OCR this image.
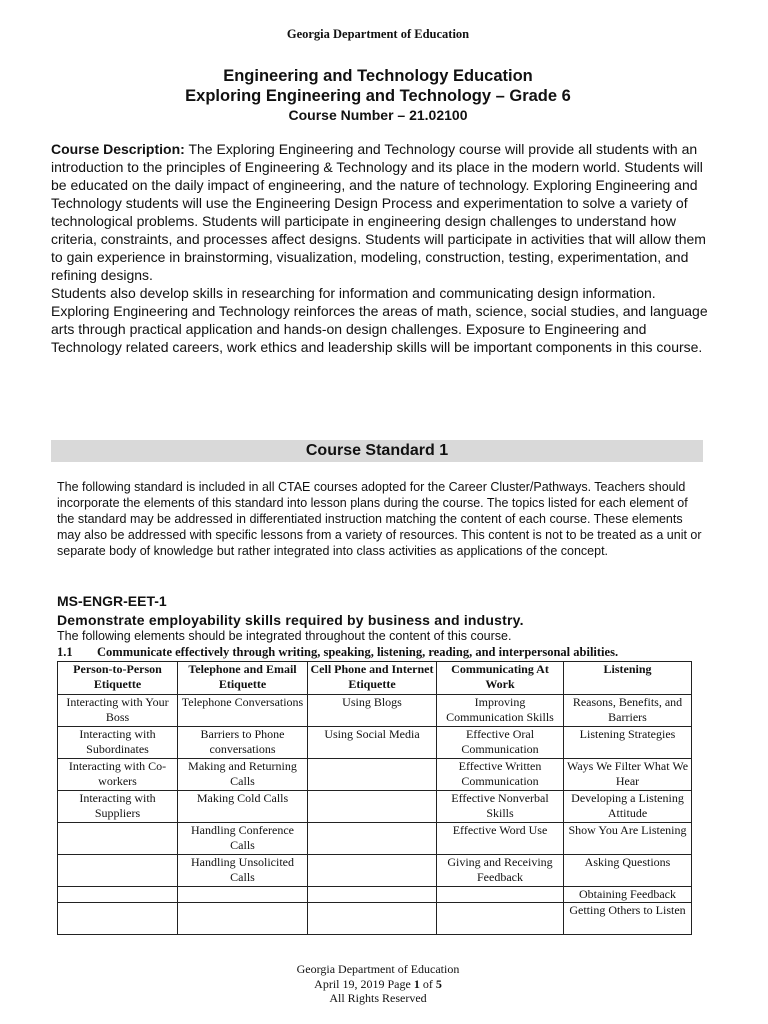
Georgia Department of Education
Engineering and Technology Education
Exploring Engineering and Technology – Grade 6
Course Number – 21.02100

Course Description: The Exploring Engineering and Technology course will provide all students with an introduction to the principles of Engineering & Technology and its place in the modern world. Students will be educated on the daily impact of engineering, and the nature of technology. Exploring Engineering and Technology students will use the Engineering Design Process and experimentation to solve a variety of technological problems. Students will participate in engineering design challenges to understand how criteria, constraints, and processes affect designs. Students will participate in activities that will allow them to gain experience in brainstorming, visualization, modeling, construction, testing, experimentation, and refining designs.

Students also develop skills in researching for information and communicating design information. Exploring Engineering and Technology reinforces the areas of math, science, social studies, and language arts through practical application and hands-on design challenges. Exposure to Engineering and Technology related careers, work ethics and leadership skills will be important components in this course.

Course Standard 1
The following standard is included in all CTAE courses adopted for the Career Cluster/Pathways. Teachers should incorporate the elements of this standard into lesson plans during the course. The topics listed for each element of the standard may be addressed in differentiated instruction matching the content of each course. These elements may also be addressed with specific lessons from a variety of resources. This content is not to be treated as a unit or separate body of knowledge but rather integrated into class activities as applications of the concept.
MS-ENGR-EET-1
Demonstrate employability skills required by business and industry.
The following elements should be integrated throughout the content of this course.
1.1 Communicate effectively through writing, speaking, listening, reading, and interpersonal abilities.
Person-to-Person Etiquette	Telephone and Email Etiquette	Cell Phone and Internet Etiquette	Communicating At Work	Listening
Interacting with Your Boss	Telephone Conversations	Using Blogs	Improving Communication Skills	Reasons, Benefits, and Barriers
Interacting with Subordinates	Barriers to Phone conversations	Using Social Media	Effective Oral Communication	Listening Strategies
Interacting with Co-workers	Making and Returning Calls		Effective Written Communication	Ways We Filter What We Hear
Interacting with Suppliers	Making Cold Calls		Effective Nonverbal Skills	Developing a Listening Attitude
	Handling Conference Calls		Effective Word Use	Show You Are Listening
	Handling Unsolicited Calls		Giving and Receiving Feedback	Asking Questions
				Obtaining Feedback
				Getting Others to Listen
Georgia Department of Education
April 19, 2019 Page 1 of 5
All Rights Reserved
